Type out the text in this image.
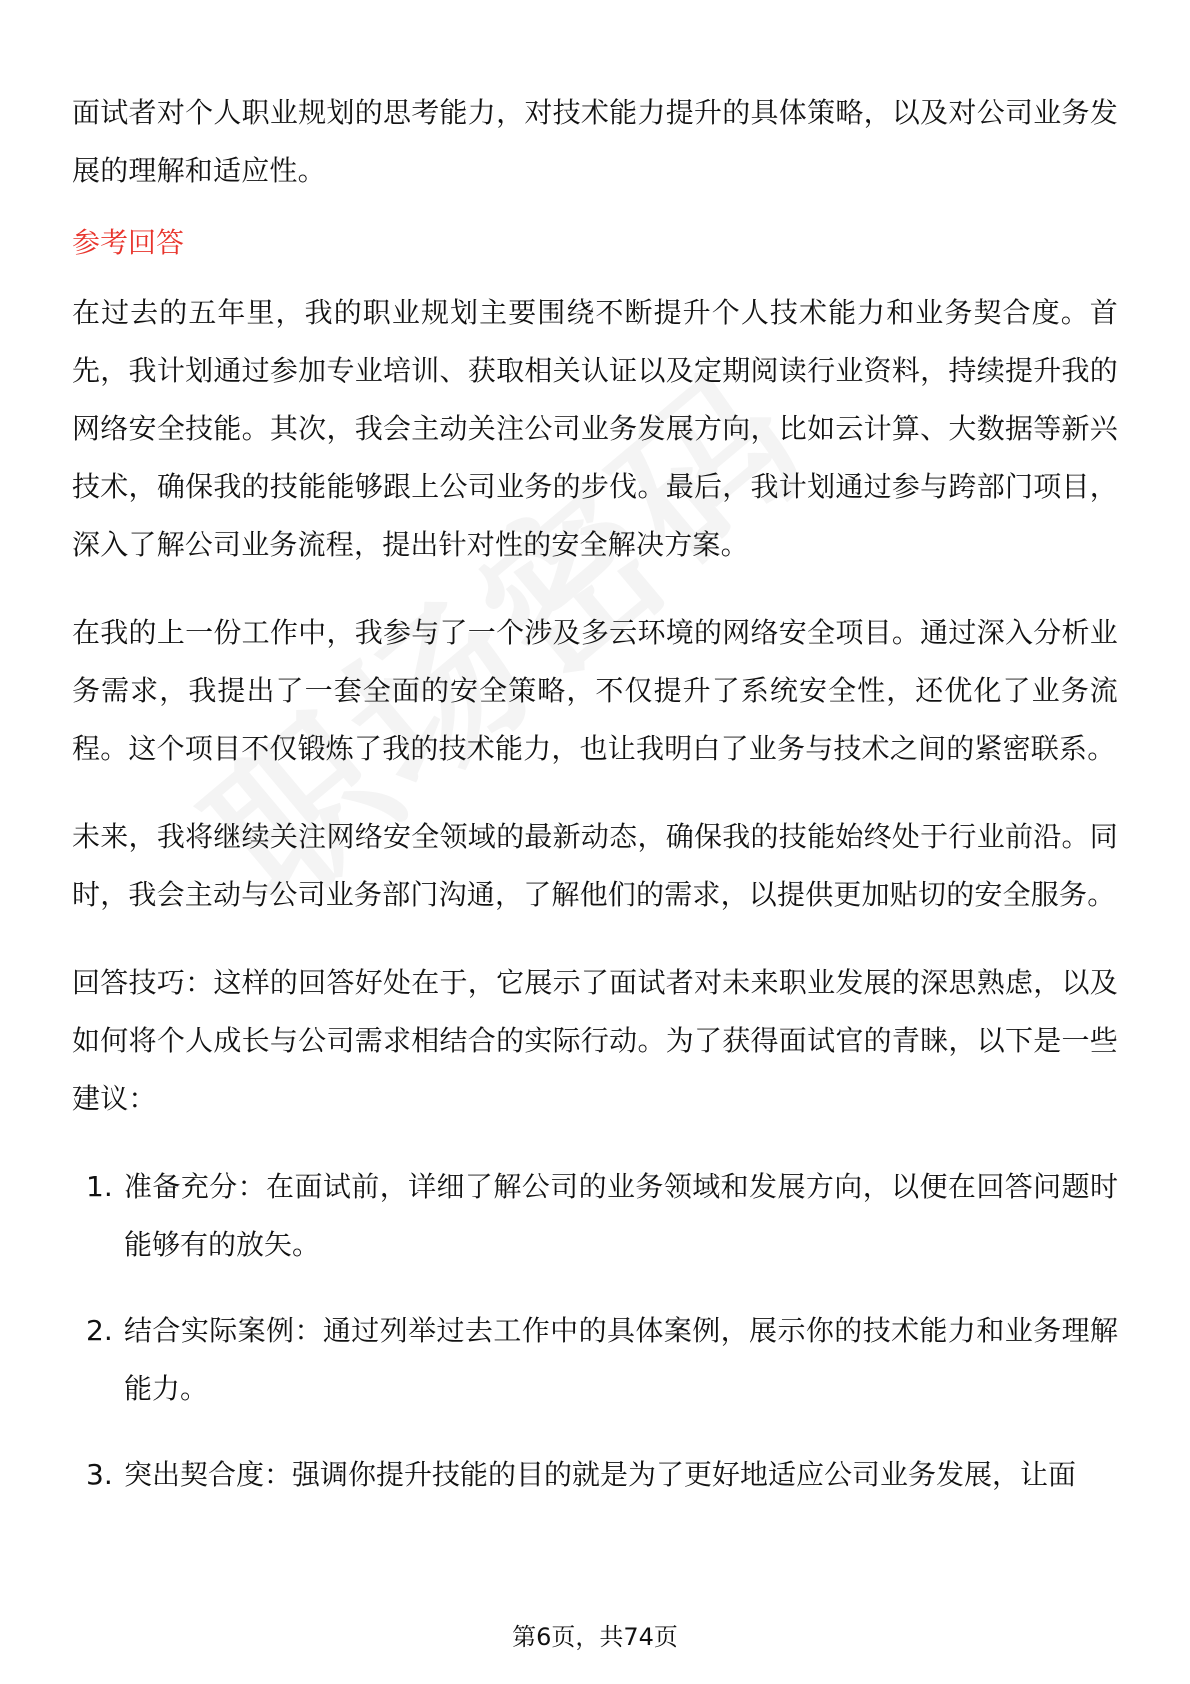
面试者对个人职业规划的思考能力，对技术能力提升的具体策略，以及对公司业务发展的理解和适应性。

参考回答

在过去的五年里，我的职业规划主要围绕不断提升个人技术能力和业务契合度。首先，我计划通过参加专业培训、获取相关认证以及定期阅读行业资料，持续提升我的网络安全技能。其次，我会主动关注公司业务发展方向，比如云计算、大数据等新兴技术，确保我的技能能够跟上公司业务的步伐。最后，我计划通过参与跨部门项目，深入了解公司业务流程，提出针对性的安全解决方案。

在我的上一份工作中，我参与了一个涉及多云环境的网络安全项目。通过深入分析业务需求，我提出了一套全面的安全策略，不仅提升了系统安全性，还优化了业务流程。这个项目不仅锻炼了我的技术能力，也让我明白了业务与技术之间的紧密联系。

未来，我将继续关注网络安全领域的最新动态，确保我的技能始终处于行业前沿。同时，我会主动与公司业务部门沟通，了解他们的需求，以提供更加贴切的安全服务。

回答技巧：这样的回答好处在于，它展示了面试者对未来职业发展的深思熟虑，以及如何将个人成长与公司需求相结合的实际行动。为了获得面试官的青睐，以下是一些建议：

1. 准备充分：在面试前，详细了解公司的业务领域和发展方向，以便在回答问题时能够有的放矢。
2. 结合实际案例：通过列举过去工作中的具体案例，展示你的技术能力和业务理解能力。
3. 突出契合度：强调你提升技能的目的就是为了更好地适应公司业务发展，让面
第6页，共74页
